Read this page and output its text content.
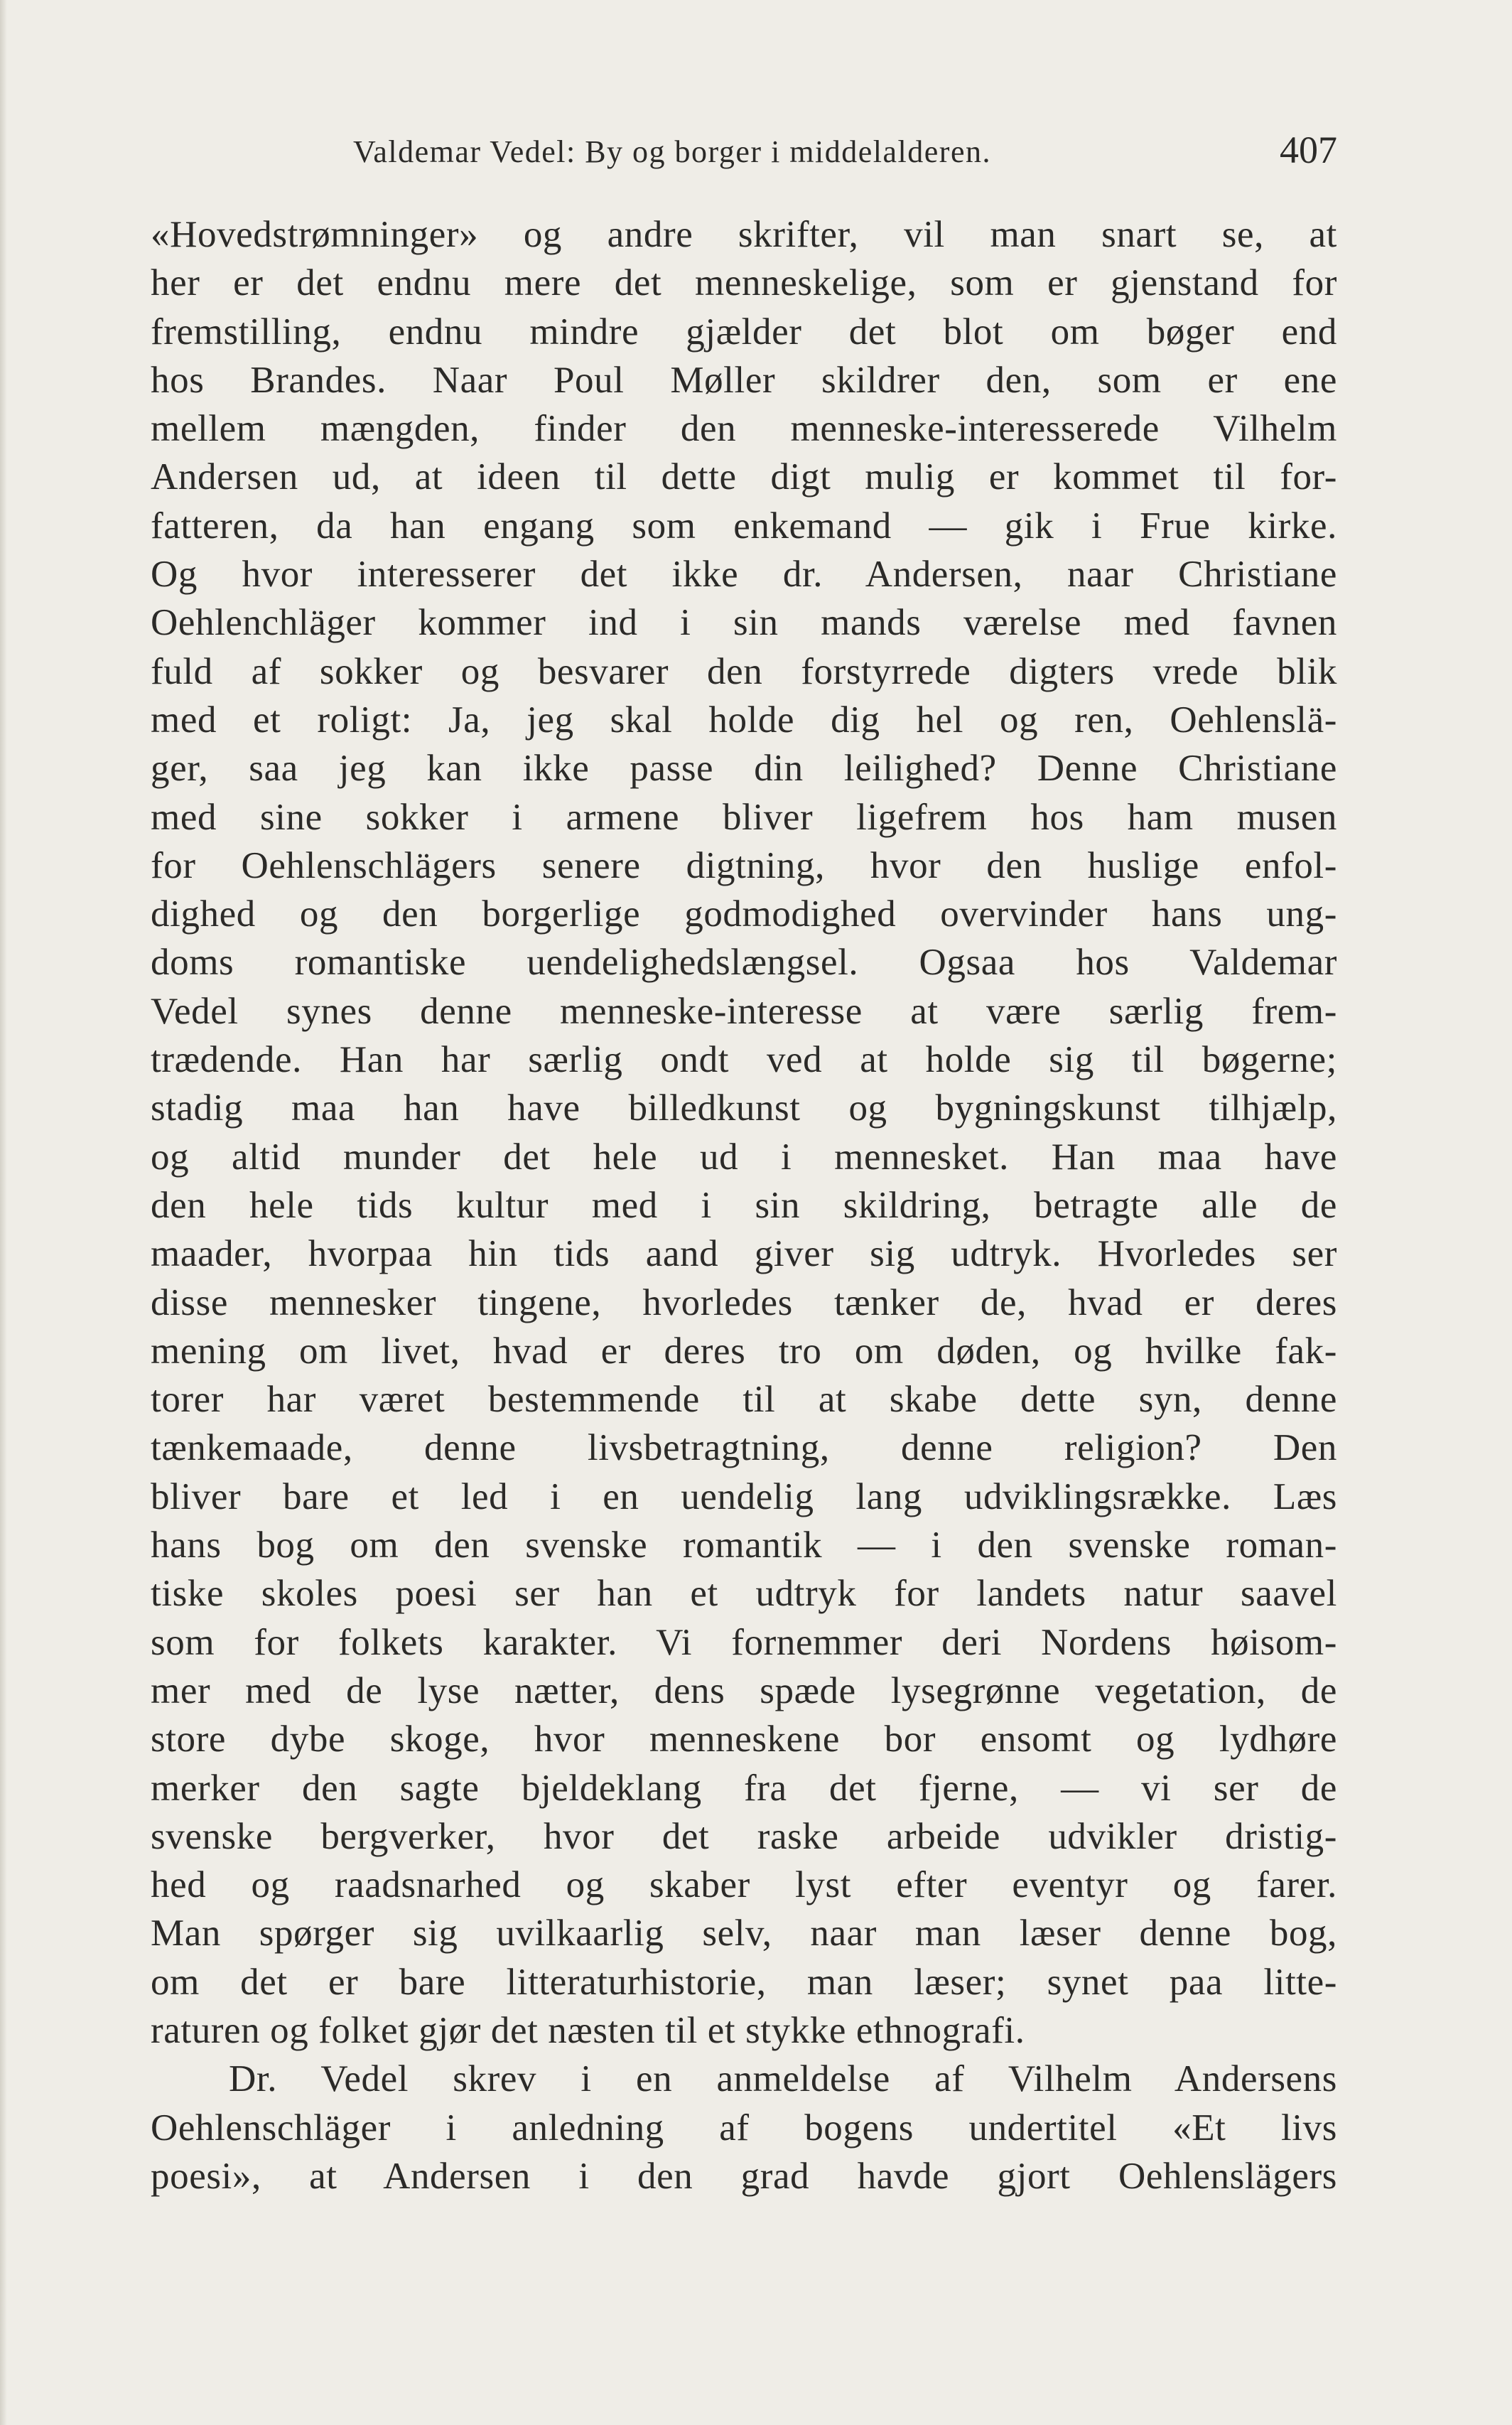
Valdemar Vedel: By og borger i middelalderen.	407
«Hovedstrømninger» og andre skrifter, vil man snart se, at
her er det endnu mere det menneskelige, som er gjenstand for
fremstilling, endnu mindre gjælder det blot om bøger end
hos Brandes. Naar Poul Møller skildrer den, som er ene
mellem mængden, finder den menneske-interesserede Vilhelm
Andersen ud, at ideen til dette digt mulig er kommet til for-
fatteren, da han engang som enkemand — gik i Frue kirke.
Og hvor interesserer det ikke dr. Andersen, naar Christiane
Oehlenchläger kommer ind i sin mands værelse med favnen
fuld af sokker og besvarer den forstyrrede digters vrede blik
med et roligt: Ja, jeg skal holde dig hel og ren, Oehlenslä-
ger, saa jeg kan ikke passe din leilighed? Denne Christiane
med sine sokker i armene bliver ligefrem hos ham musen
for Oehlenschlägers senere digtning, hvor den huslige enfol-
dighed og den borgerlige godmodighed overvinder hans ung-
doms romantiske uendelighedslængsel. Ogsaa hos Valdemar
Vedel synes denne menneske-interesse at være særlig frem-
trædende. Han har særlig ondt ved at holde sig til bøgerne;
stadig maa han have billedkunst og bygningskunst tilhjælp,
og altid munder det hele ud i mennesket. Han maa have
den hele tids kultur med i sin skildring, betragte alle de
maader, hvorpaa hin tids aand giver sig udtryk. Hvorledes ser
disse mennesker tingene, hvorledes tænker de, hvad er deres
mening om livet, hvad er deres tro om døden, og hvilke fak-
torer har været bestemmende til at skabe dette syn, denne
tænkemaade, denne livsbetragtning, denne religion? Den
bliver bare et led i en uendelig lang udviklingsrække. Læs
hans bog om den svenske romantik — i den svenske roman-
tiske skoles poesi ser han et udtryk for landets natur saavel
som for folkets karakter. Vi fornemmer deri Nordens høisom-
mer med de lyse nætter, dens spæde lysegrønne vegetation, de
store dybe skoge, hvor menneskene bor ensomt og lydhøre
merker den sagte bjeldeklang fra det fjerne, — vi ser de
svenske bergverker, hvor det raske arbeide udvikler dristig-
hed og raadsnarhed og skaber lyst efter eventyr og farer.
Man spørger sig uvilkaarlig selv, naar man læser denne bog,
om det er bare litteraturhistorie, man læser; synet paa litte-
raturen og folket gjør det næsten til et stykke ethnografi.
Dr. Vedel skrev i en anmeldelse af Vilhelm Andersens
Oehlenschläger i anledning af bogens undertitel «Et livs
poesi», at Andersen i den grad havde gjort Oehlenslägers
